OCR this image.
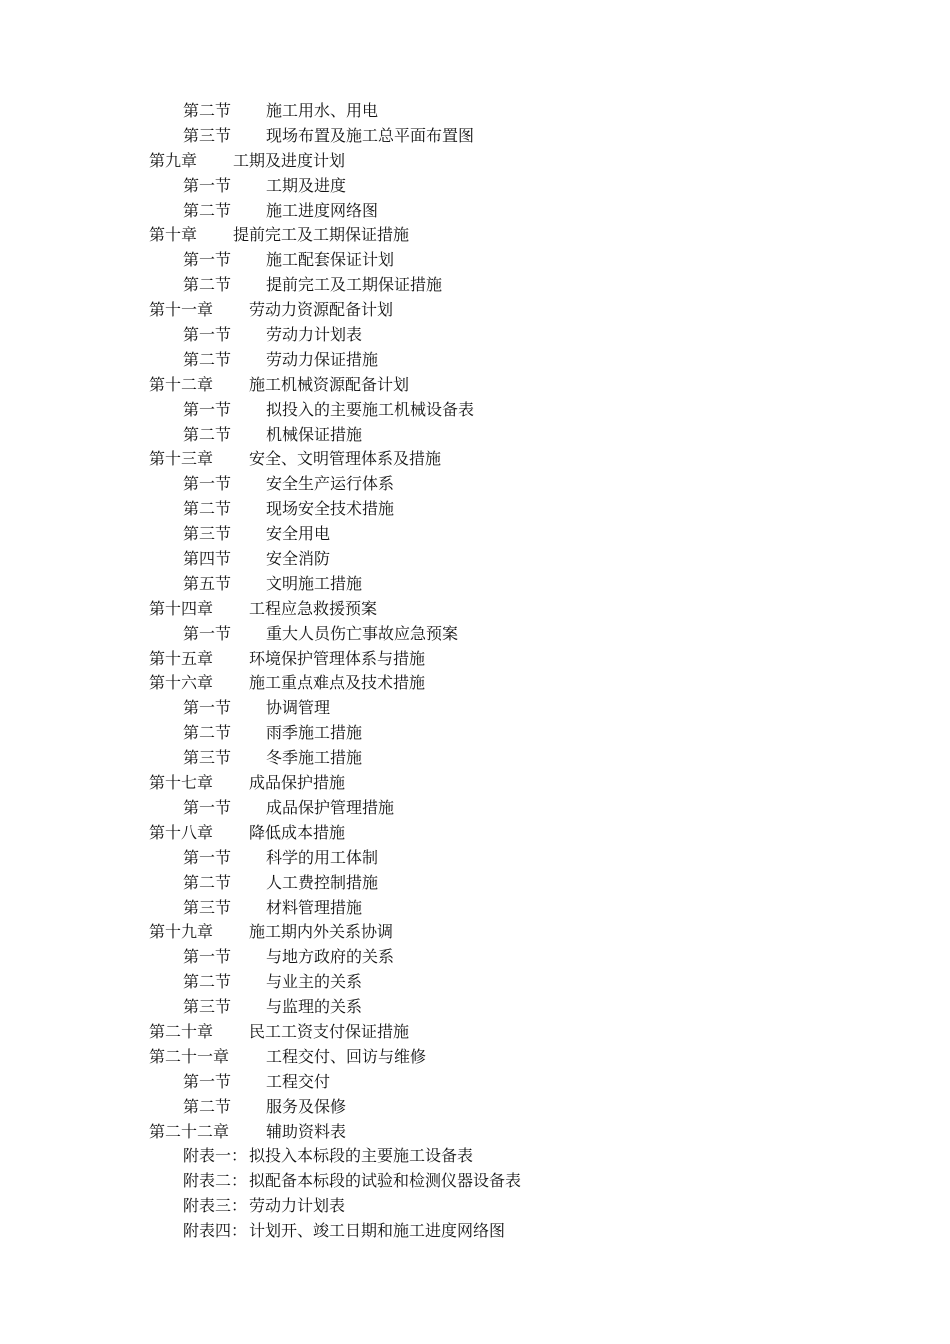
第二节 施工用水、用电
第三节 现场布置及施工总平面布置图
第九章 工期及进度计划
第一节 工期及进度
第二节 施工进度网络图
第十章 提前完工及工期保证措施
第一节 施工配套保证计划
第二节 提前完工及工期保证措施
第十一章 劳动力资源配备计划
第一节 劳动力计划表
第二节 劳动力保证措施
第十二章 施工机械资源配备计划
第一节 拟投入的主要施工机械设备表
第二节 机械保证措施
第十三章 安全、文明管理体系及措施
第一节 安全生产运行体系
第二节 现场安全技术措施
第三节 安全用电
第四节 安全消防
第五节 文明施工措施
第十四章 工程应急救援预案
第一节 重大人员伤亡事故应急预案
第十五章 环境保护管理体系与措施
第十六章 施工重点难点及技术措施
第一节 协调管理
第二节 雨季施工措施
第三节 冬季施工措施
第十七章 成品保护措施
第一节 成品保护管理措施
第十八章 降低成本措施
第一节 科学的用工体制
第二节 人工费控制措施
第三节 材料管理措施
第十九章 施工期内外关系协调
第一节 与地方政府的关系
第二节 与业主的关系
第三节 与监理的关系
第二十章 民工工资支付保证措施
第二十一章 工程交付、回访与维修
第一节 工程交付
第二节 服务及保修
第二十二章 辅助资料表
附表一： 拟投入本标段的主要施工设备表
附表二： 拟配备本标段的试验和检测仪器设备表
附表三： 劳动力计划表
附表四： 计划开、竣工日期和施工进度网络图
